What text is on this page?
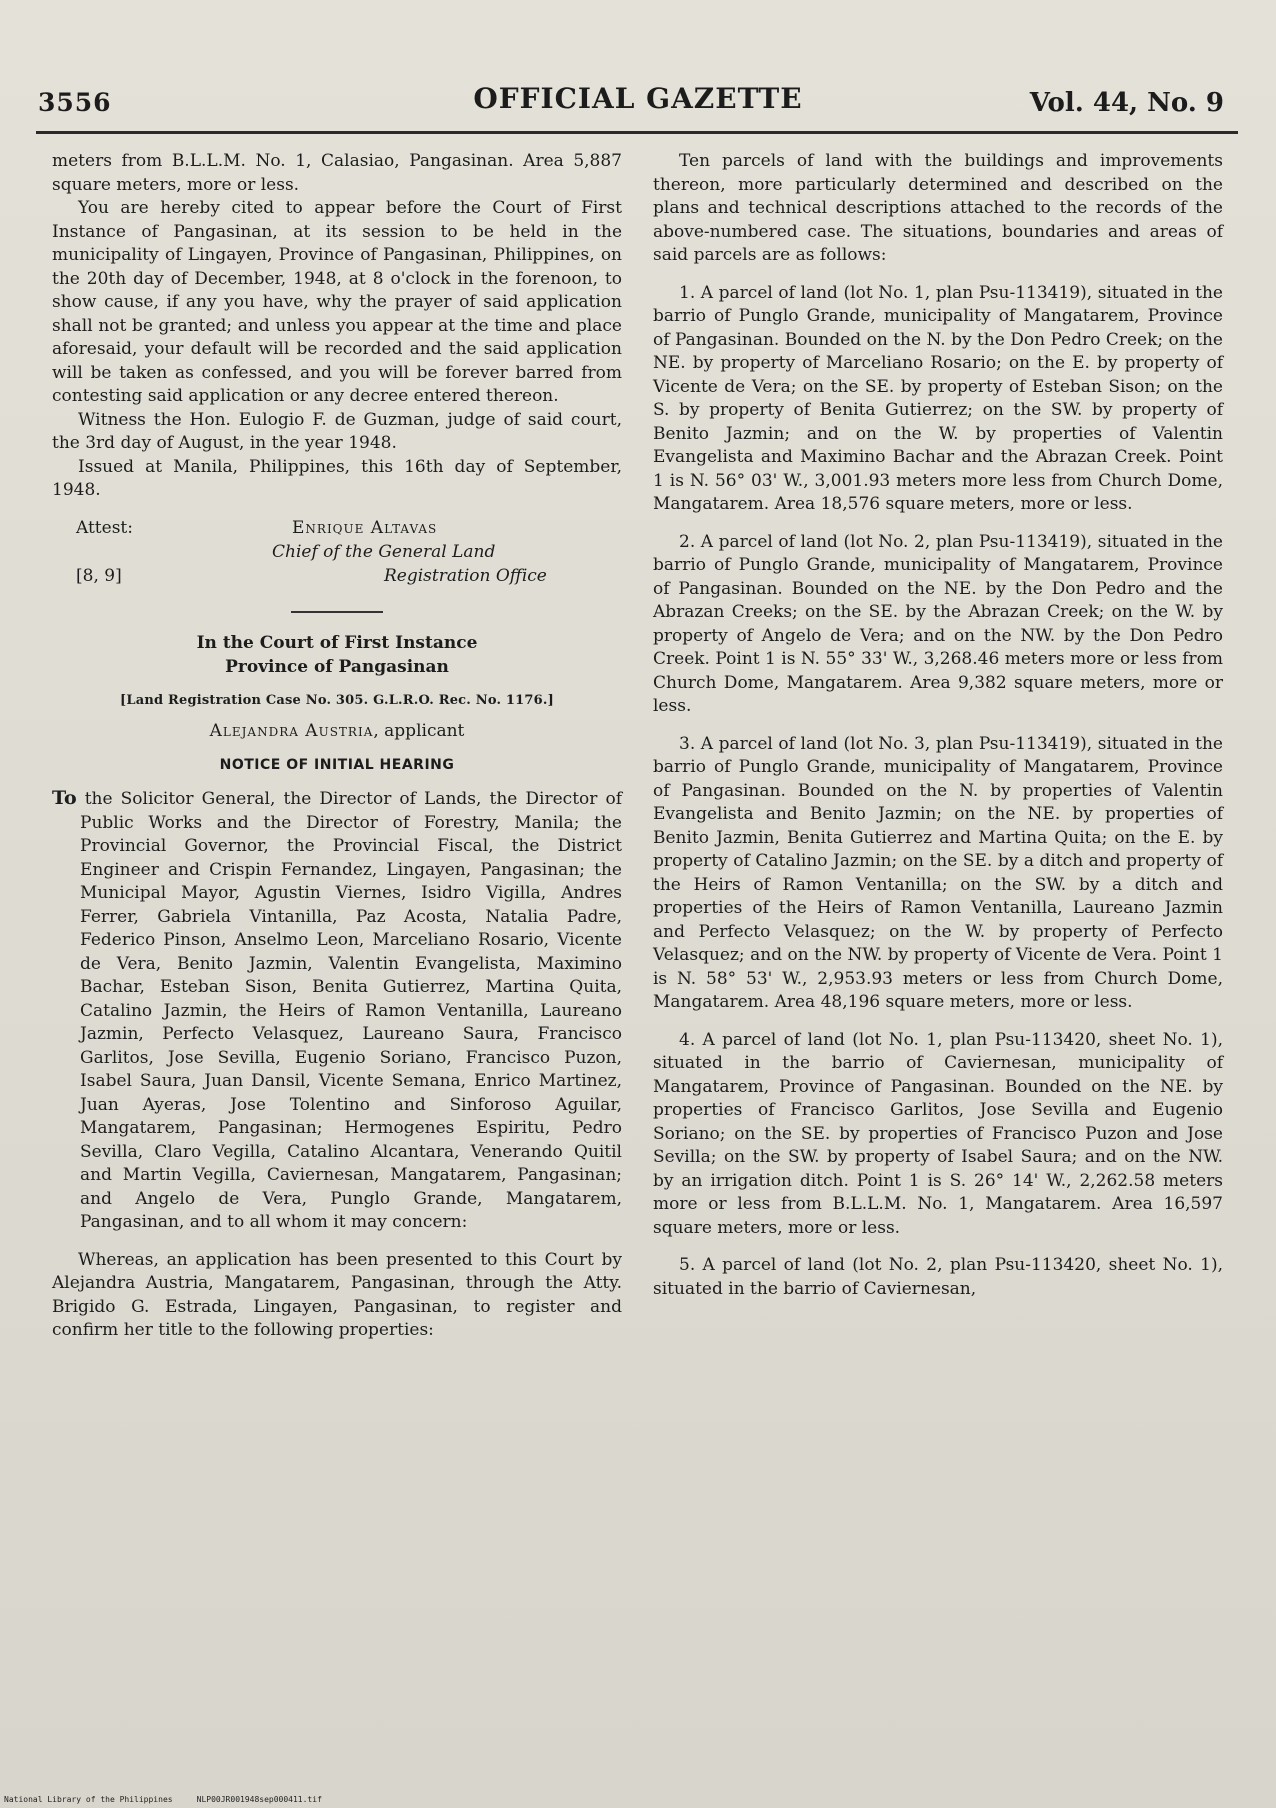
3556	OFFICIAL GAZETTE	Vol. 44, No. 9

meters from B.L.L.M. No. 1, Calasiao, Pangasinan. Area 5,887 square meters, more or less.

You are hereby cited to appear before the Court of First Instance of Pangasinan, at its session to be held in the municipality of Lingayen, Province of Pangasinan, Philippines, on the 20th day of December, 1948, at 8 o'clock in the forenoon, to show cause, if any you have, why the prayer of said application shall not be granted; and unless you appear at the time and place aforesaid, your default will be recorded and the said application will be taken as confessed, and you will be forever barred from contesting said application or any decree entered thereon.

Witness the Hon. Eulogio F. de Guzman, judge of said court, the 3rd day of August, in the year 1948.

Issued at Manila, Philippines, this 16th day of September, 1948.

Attest:	Enrique Altavas
Chief of the General Land
[8, 9]	Registration Office
In the Court of First Instance
Province of Pangasinan
[Land Registration Case No. 305. G.L.R.O. Rec. No. 1176.]
Alejandra Austria, applicant
NOTICE OF INITIAL HEARING

To the Solicitor General, the Director of Lands, the Director of Public Works and the Director of Forestry, Manila; the Provincial Governor, the Provincial Fiscal, the District Engineer and Crispin Fernandez, Lingayen, Pangasinan; the Municipal Mayor, Agustin Viernes, Isidro Vigilla, Andres Ferrer, Gabriela Vintanilla, Paz Acosta, Natalia Padre, Federico Pinson, Anselmo Leon, Marceliano Rosario, Vicente de Vera, Benito Jazmin, Valentin Evangelista, Maximino Bachar, Esteban Sison, Benita Gutierrez, Martina Quita, Catalino Jazmin, the Heirs of Ramon Ventanilla, Laureano Jazmin, Perfecto Velasquez, Laureano Saura, Francisco Garlitos, Jose Sevilla, Eugenio Soriano, Francisco Puzon, Isabel Saura, Juan Dansil, Vicente Semana, Enrico Martinez, Juan Ayeras, Jose Tolentino and Sinforoso Aguilar, Mangatarem, Pangasinan; Hermogenes Espiritu, Pedro Sevilla, Claro Vegilla, Catalino Alcantara, Venerando Quitil and Martin Vegilla, Caviernesan, Mangatarem, Pangasinan; and Angelo de Vera, Punglo Grande, Mangatarem, Pangasinan, and to all whom it may concern:

Whereas, an application has been presented to this Court by Alejandra Austria, Mangatarem, Pangasinan, through the Atty. Brigido G. Estrada, Lingayen, Pangasinan, to register and confirm her title to the following properties:

Ten parcels of land with the buildings and improvements thereon, more particularly determined and described on the plans and technical descriptions attached to the records of the above-numbered case. The situations, boundaries and areas of said parcels are as follows:

1. A parcel of land (lot No. 1, plan Psu-113419), situated in the barrio of Punglo Grande, municipality of Mangatarem, Province of Pangasinan. Bounded on the N. by the Don Pedro Creek; on the NE. by property of Marceliano Rosario; on the E. by property of Vicente de Vera; on the SE. by property of Esteban Sison; on the S. by property of Benita Gutierrez; on the SW. by property of Benito Jazmin; and on the W. by properties of Valentin Evangelista and Maximino Bachar and the Abrazan Creek. Point 1 is N. 56° 03' W., 3,001.93 meters more less from Church Dome, Mangatarem. Area 18,576 square meters, more or less.

2. A parcel of land (lot No. 2, plan Psu-113419), situated in the barrio of Punglo Grande, municipality of Mangatarem, Province of Pangasinan. Bounded on the NE. by the Don Pedro and the Abrazan Creeks; on the SE. by the Abrazan Creek; on the W. by property of Angelo de Vera; and on the NW. by the Don Pedro Creek. Point 1 is N. 55° 33' W., 3,268.46 meters more or less from Church Dome, Mangatarem. Area 9,382 square meters, more or less.

3. A parcel of land (lot No. 3, plan Psu-113419), situated in the barrio of Punglo Grande, municipality of Mangatarem, Province of Pangasinan. Bounded on the N. by properties of Valentin Evangelista and Benito Jazmin; on the NE. by properties of Benito Jazmin, Benita Gutierrez and Martina Quita; on the E. by property of Catalino Jazmin; on the SE. by a ditch and property of the Heirs of Ramon Ventanilla; on the SW. by a ditch and properties of the Heirs of Ramon Ventanilla, Laureano Jazmin and Perfecto Velasquez; on the W. by property of Perfecto Velasquez; and on the NW. by property of Vicente de Vera. Point 1 is N. 58° 53' W., 2,953.93 meters or less from Church Dome, Mangatarem. Area 48,196 square meters, more or less.

4. A parcel of land (lot No. 1, plan Psu-113420, sheet No. 1), situated in the barrio of Caviernesan, municipality of Mangatarem, Province of Pangasinan. Bounded on the NE. by properties of Francisco Garlitos, Jose Sevilla and Eugenio Soriano; on the SE. by properties of Francisco Puzon and Jose Sevilla; on the SW. by property of Isabel Saura; and on the NW. by an irrigation ditch. Point 1 is S. 26° 14' W., 2,262.58 meters more or less from B.L.L.M. No. 1, Mangatarem. Area 16,597 square meters, more or less.

5. A parcel of land (lot No. 2, plan Psu-113420, sheet No. 1), situated in the barrio of Caviernesan,

National Library of the Philippines     NLP00JR001948sep000411.tif
